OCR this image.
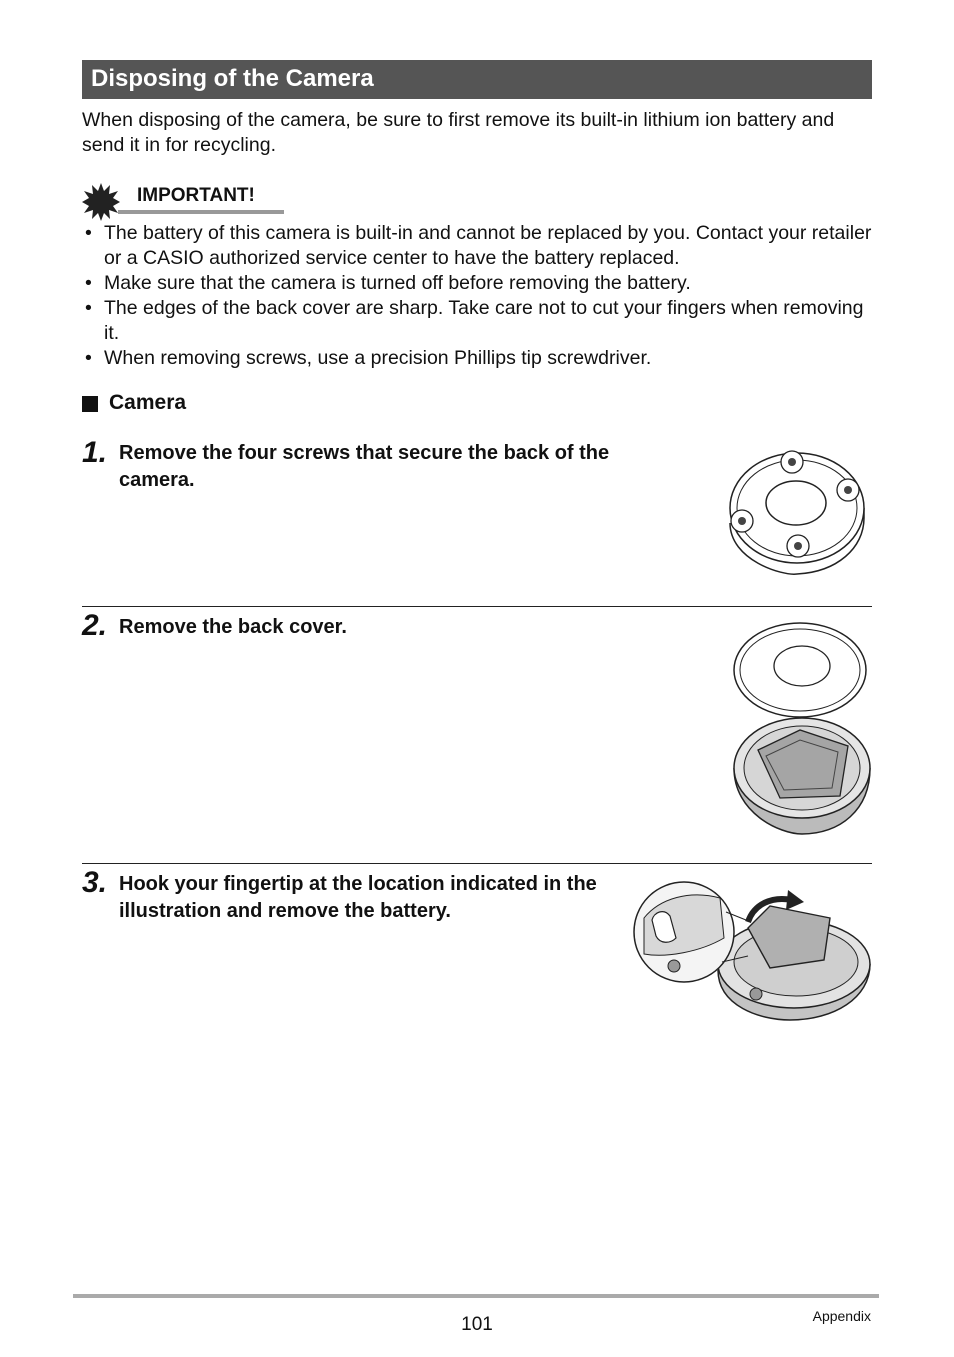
Disposing of the Camera
When disposing of the camera, be sure to first remove its built-in lithium ion battery and send it in for recycling.
IMPORTANT!
• The battery of this camera is built-in and cannot be replaced by you. Contact your retailer or a CASIO authorized service center to have the battery replaced.
• Make sure that the camera is turned off before removing the battery.
• The edges of the back cover are sharp. Take care not to cut your fingers when removing it.
• When removing screws, use a precision Phillips tip screwdriver.
Camera
1. Remove the four screws that secure the back of the camera.
2. Remove the back cover.
3. Hook your fingertip at the location indicated in the illustration and remove the battery.
101	Appendix
